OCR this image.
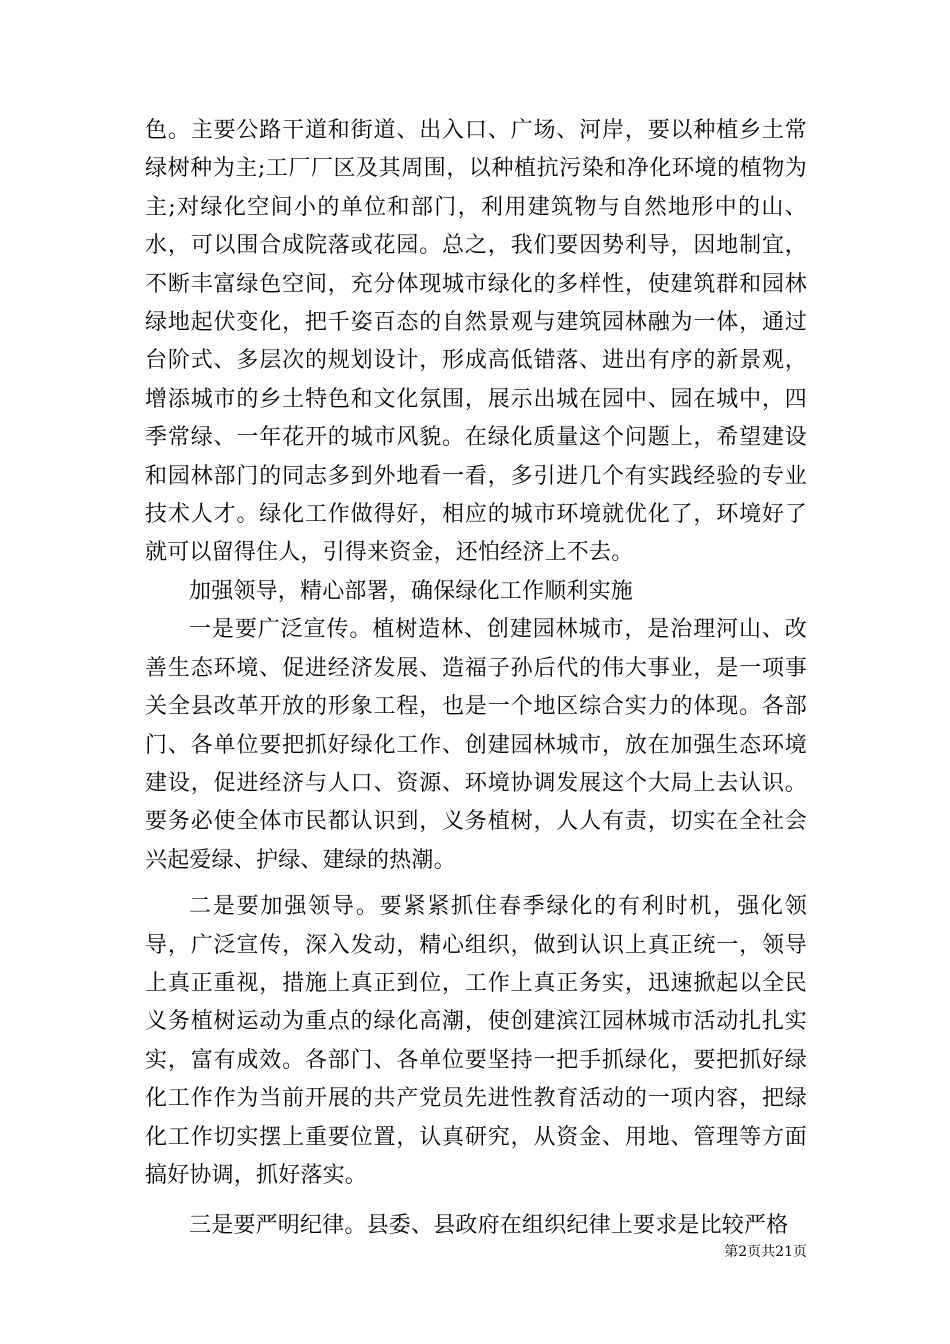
色。主要公路干道和街道、出入口、广场、河岸，要以种植乡土常绿树种为主;工厂厂区及其周围，以种植抗污染和净化环境的植物为主;对绿化空间小的单位和部门，利用建筑物与自然地形中的山、水，可以围合成院落或花园。总之，我们要因势利导，因地制宜，不断丰富绿色空间，充分体现城市绿化的多样性，使建筑群和园林绿地起伏变化，把千姿百态的自然景观与建筑园林融为一体，通过台阶式、多层次的规划设计，形成高低错落、进出有序的新景观，增添城市的乡土特色和文化氛围，展示出城在园中、园在城中，四季常绿、一年花开的城市风貌。在绿化质量这个问题上，希望建设和园林部门的同志多到外地看一看，多引进几个有实践经验的专业技术人才。绿化工作做得好，相应的城市环境就优化了，环境好了就可以留得住人，引得来资金，还怕经济上不去。

加强领导，精心部署，确保绿化工作顺利实施

一是要广泛宣传。植树造林、创建园林城市，是治理河山、改善生态环境、促进经济发展、造福子孙后代的伟大事业，是一项事关全县改革开放的形象工程，也是一个地区综合实力的体现。各部门、各单位要把抓好绿化工作、创建园林城市，放在加强生态环境建设，促进经济与人口、资源、环境协调发展这个大局上去认识。要务必使全体市民都认识到，义务植树，人人有责，切实在全社会兴起爱绿、护绿、建绿的热潮。

二是要加强领导。要紧紧抓住春季绿化的有利时机，强化领导，广泛宣传，深入发动，精心组织，做到认识上真正统一，领导上真正重视，措施上真正到位，工作上真正务实，迅速掀起以全民义务植树运动为重点的绿化高潮，使创建滨江园林城市活动扎扎实实，富有成效。各部门、各单位要坚持一把手抓绿化，要把抓好绿化工作作为当前开展的共产党员先进性教育活动的一项内容，把绿化工作切实摆上重要位置，认真研究，从资金、用地、管理等方面搞好协调，抓好落实。

三是要严明纪律。县委、县政府在组织纪律上要求是比较严格

第2页共21页
